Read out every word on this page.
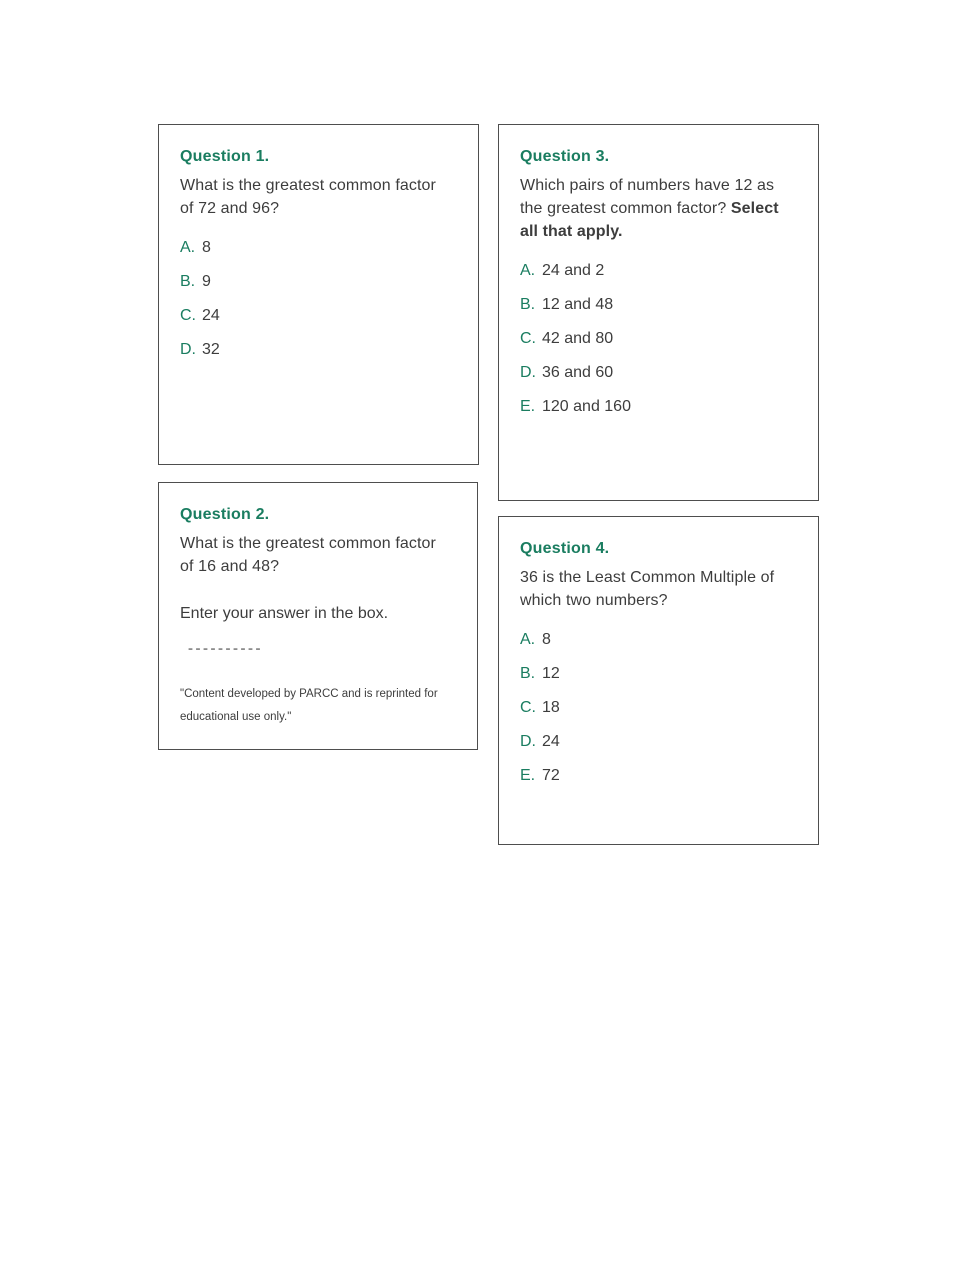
Question 1.

What is the greatest common factor of 72 and 96?

A. 8
B. 9
C. 24
D. 32
Question 3.

Which pairs of numbers have 12 as the greatest common factor? Select all that apply.

A. 24 and 2
B. 12 and 48
C. 42 and 80
D. 36 and 60
E. 120 and 160
Question 2.

What is the greatest common factor of 16 and 48?

Enter your answer in the box.

----------

"Content developed by PARCC and is reprinted for educational use only."

Question 4.

36 is the Least Common Multiple of which two numbers?

A. 8
B. 12
C. 18
D. 24
E. 72
